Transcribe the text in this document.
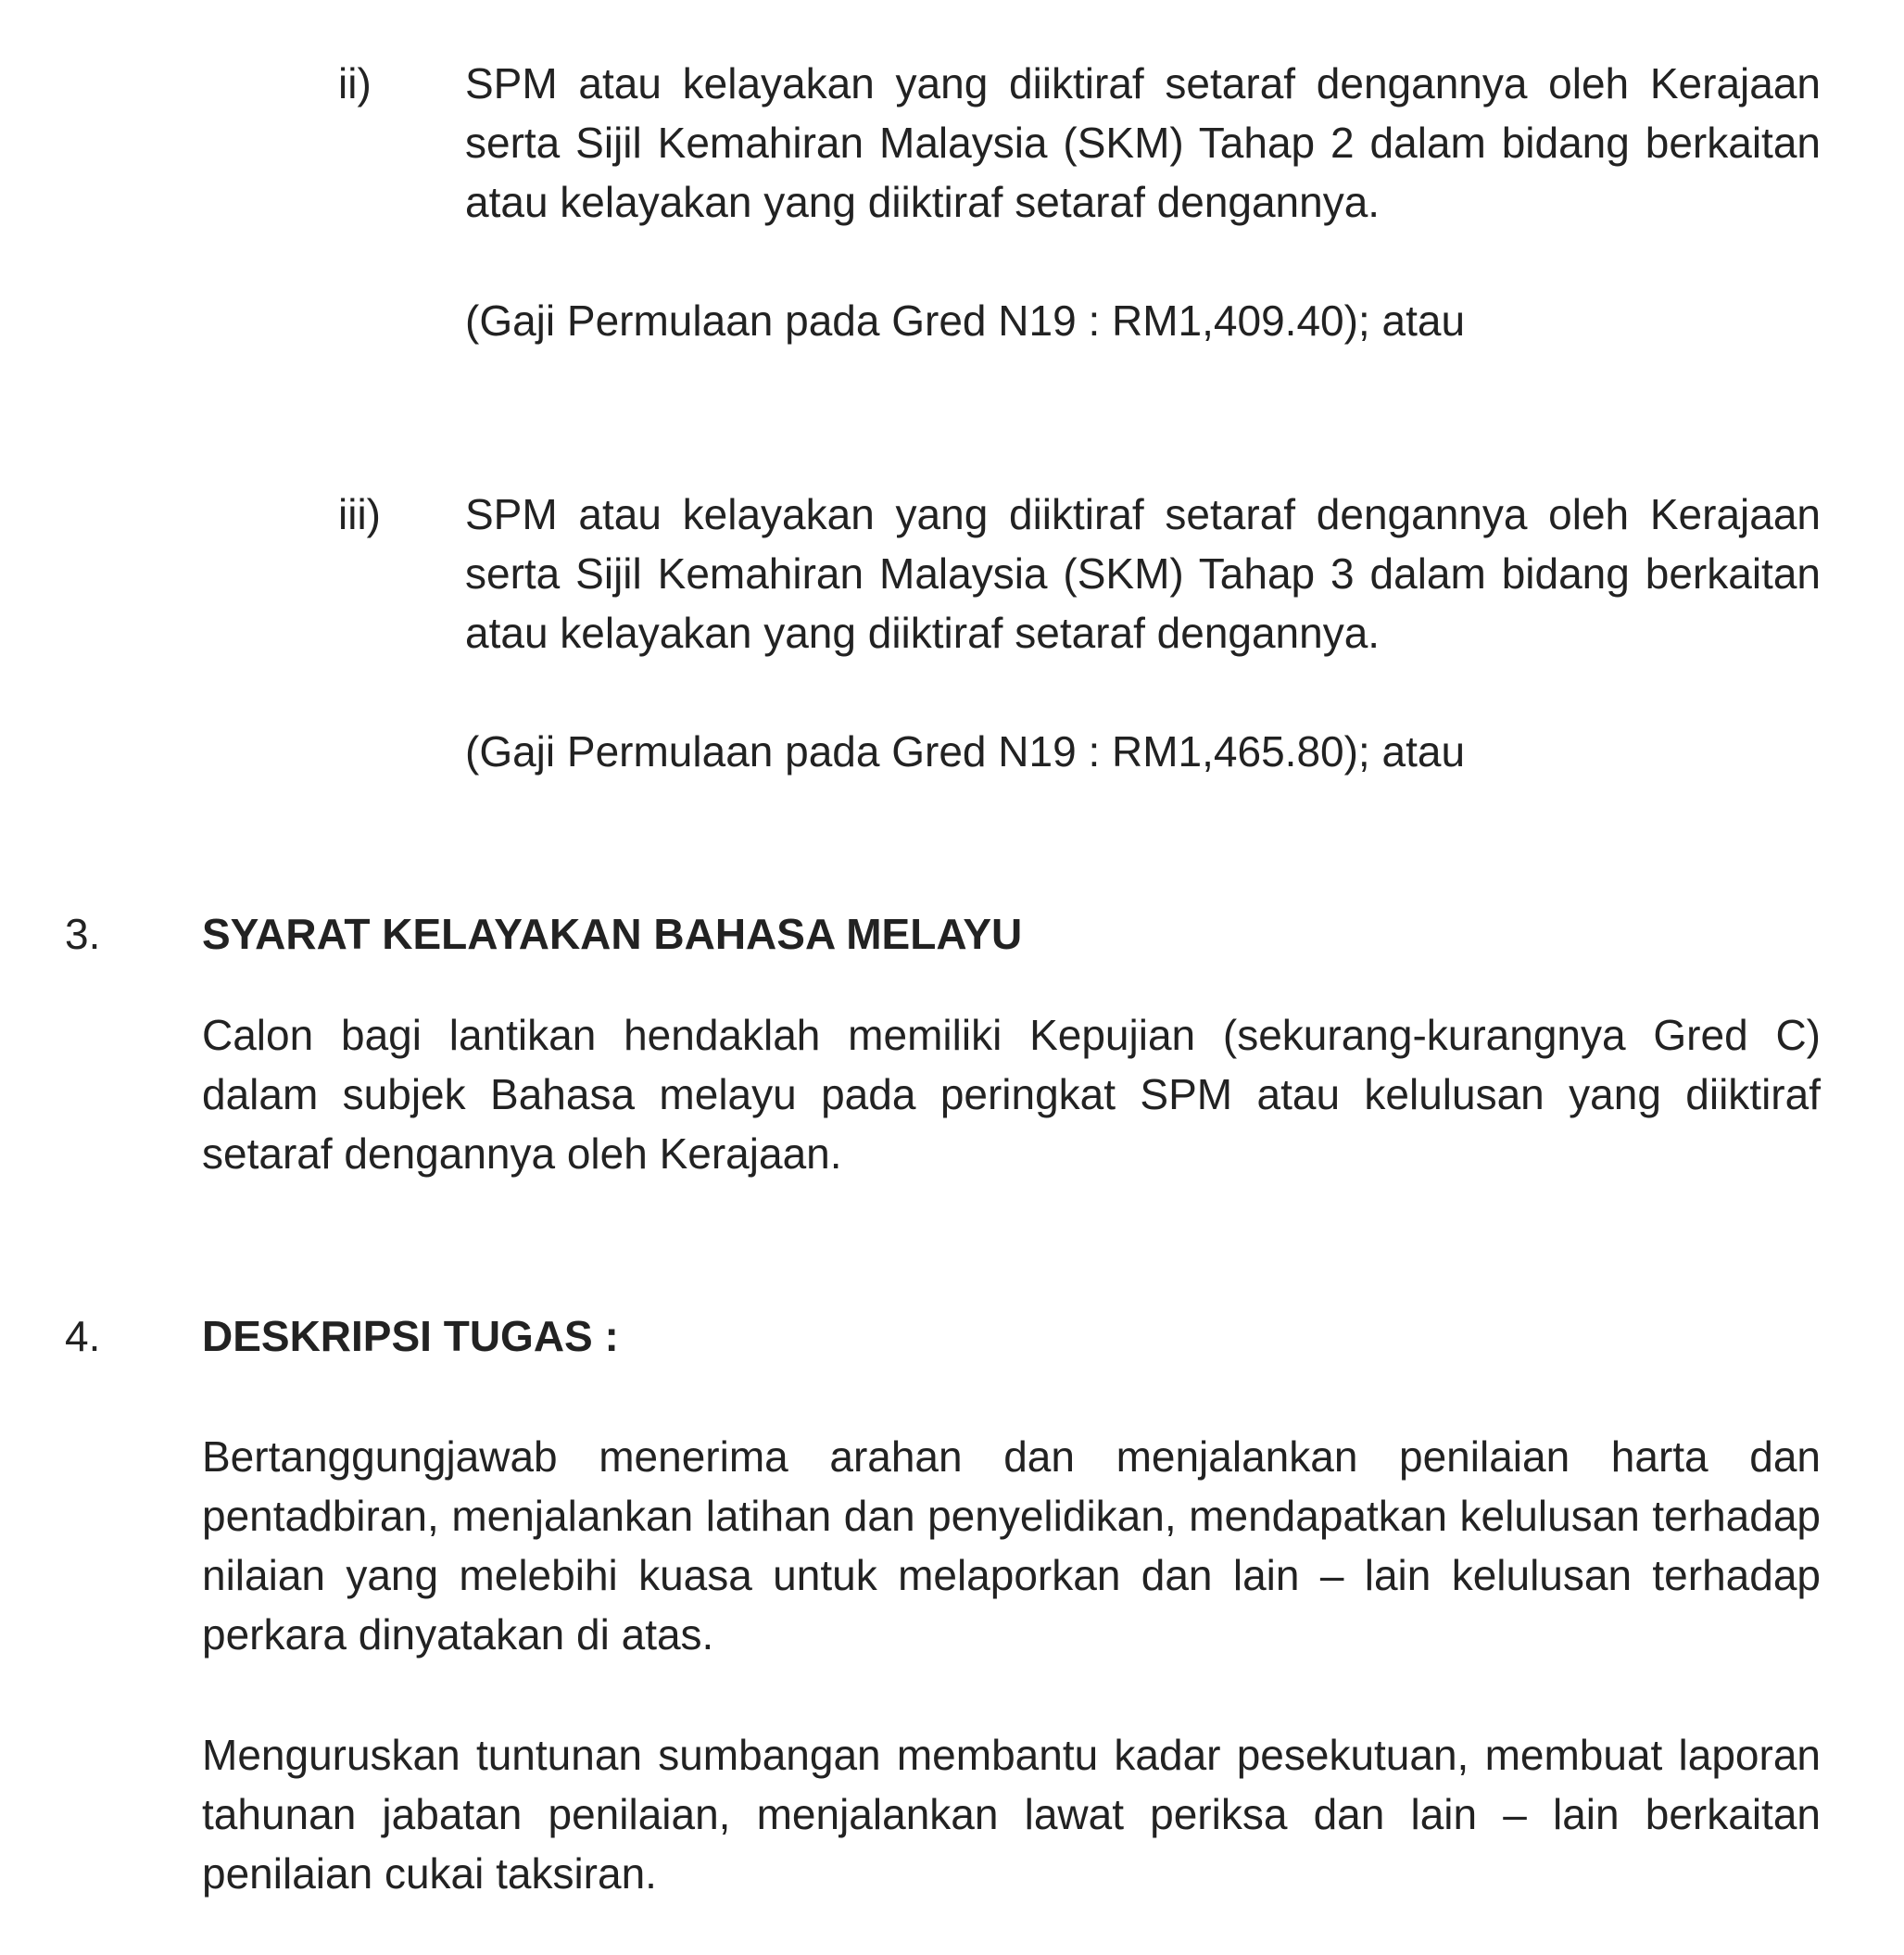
ii) SPM atau kelayakan yang diiktiraf setaraf dengannya oleh Kerajaan serta Sijil Kemahiran Malaysia (SKM) Tahap 2 dalam bidang berkaitan atau kelayakan yang diiktiraf setaraf dengannya.

(Gaji Permulaan pada Gred N19 : RM1,409.40); atau
iii) SPM atau kelayakan yang diiktiraf setaraf dengannya oleh Kerajaan serta Sijil Kemahiran Malaysia (SKM) Tahap 3 dalam bidang berkaitan atau kelayakan yang diiktiraf setaraf dengannya.

(Gaji Permulaan pada Gred N19 : RM1,465.80); atau
3. SYARAT KELAYAKAN BAHASA MELAYU

Calon bagi lantikan hendaklah memiliki Kepujian (sekurang-kurangnya Gred C) dalam subjek Bahasa melayu pada peringkat SPM atau kelulusan yang diiktiraf setaraf dengannya oleh Kerajaan.

4. DESKRIPSI TUGAS :

Bertanggungjawab menerima arahan dan menjalankan penilaian harta dan pentadbiran, menjalankan latihan dan penyelidikan, mendapatkan kelulusan terhadap nilaian yang melebihi kuasa untuk melaporkan dan lain – lain kelulusan terhadap perkara dinyatakan di atas.

Menguruskan tuntunan sumbangan membantu kadar pesekutuan, membuat laporan tahunan jabatan penilaian, menjalankan lawat periksa dan lain – lain berkaitan penilaian cukai taksiran.
